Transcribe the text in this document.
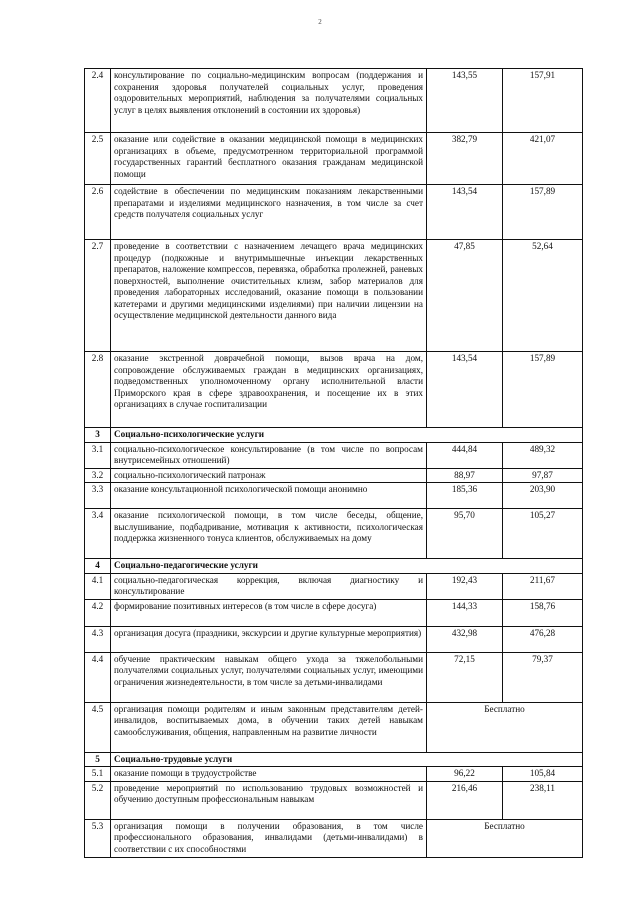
2
2.4	консультирование по социально-медицинским вопросам (поддержания и сохранения здоровья получателей социальных услуг, проведения оздоровительных мероприятий, наблюдения за получателями социальных услуг в целях выявления отклонений в состоянии их здоровья)	143,55	157,91
2.5	оказание или содействие в оказании медицинской помощи в медицинских организациях в объеме, предусмотренном территориальной программой государственных гарантий бесплатного оказания гражданам медицинской помощи	382,79	421,07
2.6	содействие в обеспечении по медицинским показаниям лекарственными препаратами и изделиями медицинского назначения, в том числе за счет средств получателя социальных услуг	143,54	157,89
2.7	проведение в соответствии с назначением лечащего врача медицинских процедур (подкожные и внутримышечные инъекции лекарственных препаратов, наложение компрессов, перевязка, обработка пролежней, раневых поверхностей, выполнение очистительных клизм, забор материалов для проведения лабораторных исследований, оказание помощи в пользовании катетерами и другими медицинскими изделиями) при наличии лицензии на осуществление медицинской деятельности данного вида	47,85	52,64
2.8	оказание экстренной доврачебной помощи, вызов врача на дом, сопровождение обслуживаемых граждан в медицинских организациях, подведомственных уполномоченному органу исполнительной власти Приморского края в сфере здравоохранения, и посещение их в этих организациях в случае госпитализации	143,54	157,89
3	Социально-психологические услуги		
3.1	социально-психологическое консультирование (в том числе по вопросам внутрисемейных отношений)	444,84	489,32
3.2	социально-психологический патронаж	88,97	97,87
3.3	оказание консультационной психологической помощи анонимно	185,36	203,90
3.4	оказание психологической помощи, в том числе беседы, общение, выслушивание, подбадривание, мотивация к активности, психологическая поддержка жизненного тонуса клиентов, обслуживаемых на дому	95,70	105,27
4	Социально-педагогические услуги		
4.1	социально-педагогическая коррекция, включая диагностику и консультирование	192,43	211,67
4.2	формирование позитивных интересов (в том числе в сфере досуга)	144,33	158,76
4.3	организация досуга (праздники, экскурсии и другие культурные мероприятия)	432,98	476,28
4.4	обучение практическим навыкам общего ухода за тяжелобольными получателями социальных услуг, получателями социальных услуг, имеющими ограничения жизнедеятельности, в том числе за детьми-инвалидами	72,15	79,37
4.5	организация помощи родителям и иным законным представителям детей-инвалидов, воспитываемых дома, в обучении таких детей навыкам самообслуживания, общения, направленным на развитие личности	Бесплатно	
5	Социально-трудовые услуги		
5.1	оказание помощи в трудоустройстве	96,22	105,84
5.2	проведение мероприятий по использованию трудовых возможностей и обучению доступным профессиональным навыкам	216,46	238,11
5.3	организация помощи в получении образования, в том числе профессионального образования, инвалидами (детьми-инвалидами) в соответствии с их способностями	Бесплатно	
